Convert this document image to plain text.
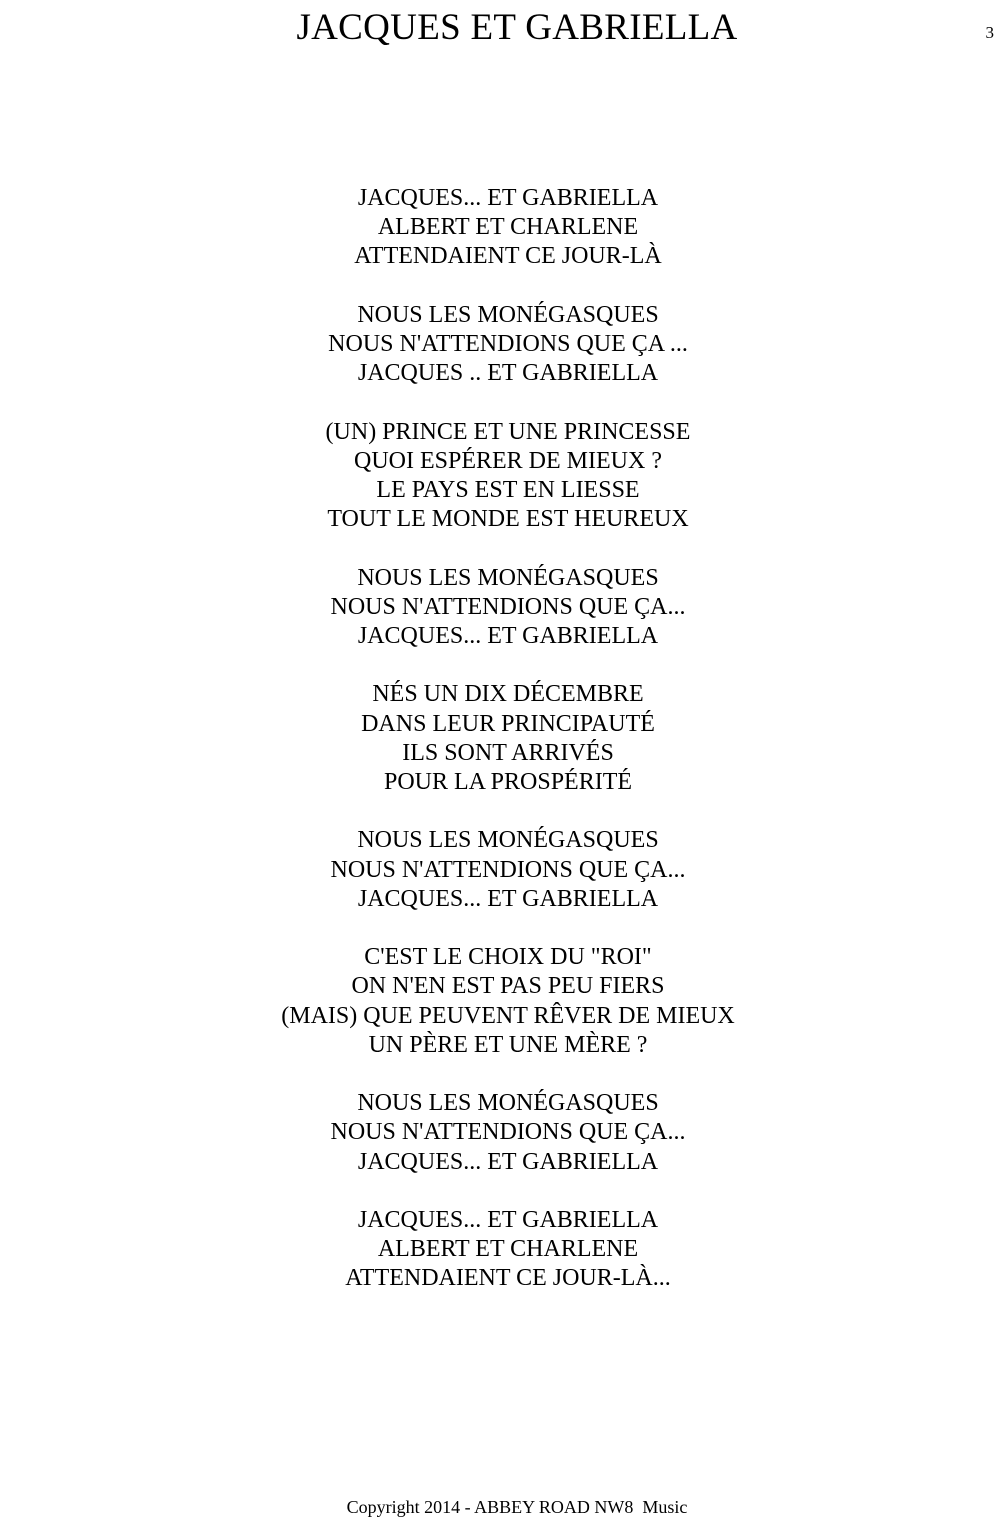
JACQUES ET GABRIELLA	3
JACQUES... ET GABRIELLA
ALBERT ET CHARLENE
ATTENDAIENT CE JOUR-LÀ
NOUS LES MONÉGASQUES
NOUS N'ATTENDIONS QUE ÇA ...
JACQUES .. ET GABRIELLA
(UN) PRINCE ET UNE PRINCESSE
QUOI ESPÉRER DE MIEUX ?
LE PAYS EST EN LIESSE
TOUT LE MONDE EST HEUREUX
NOUS LES MONÉGASQUES
NOUS N'ATTENDIONS QUE ÇA...
JACQUES... ET GABRIELLA
NÉS UN DIX DÉCEMBRE
DANS LEUR PRINCIPAUTÉ
ILS SONT ARRIVÉS
POUR LA PROSPÉRITÉ
NOUS LES MONÉGASQUES
NOUS N'ATTENDIONS QUE ÇA...
JACQUES... ET GABRIELLA
C'EST LE CHOIX DU "ROI"
ON N'EN EST PAS PEU FIERS
(MAIS) QUE PEUVENT RÊVER DE MIEUX
UN PÈRE ET UNE MÈRE ?
NOUS LES MONÉGASQUES
NOUS N'ATTENDIONS QUE ÇA...
JACQUES... ET GABRIELLA
JACQUES... ET GABRIELLA
ALBERT ET CHARLENE
ATTENDAIENT CE JOUR-LÀ...
Copyright 2014 - ABBEY ROAD NW8  Music
